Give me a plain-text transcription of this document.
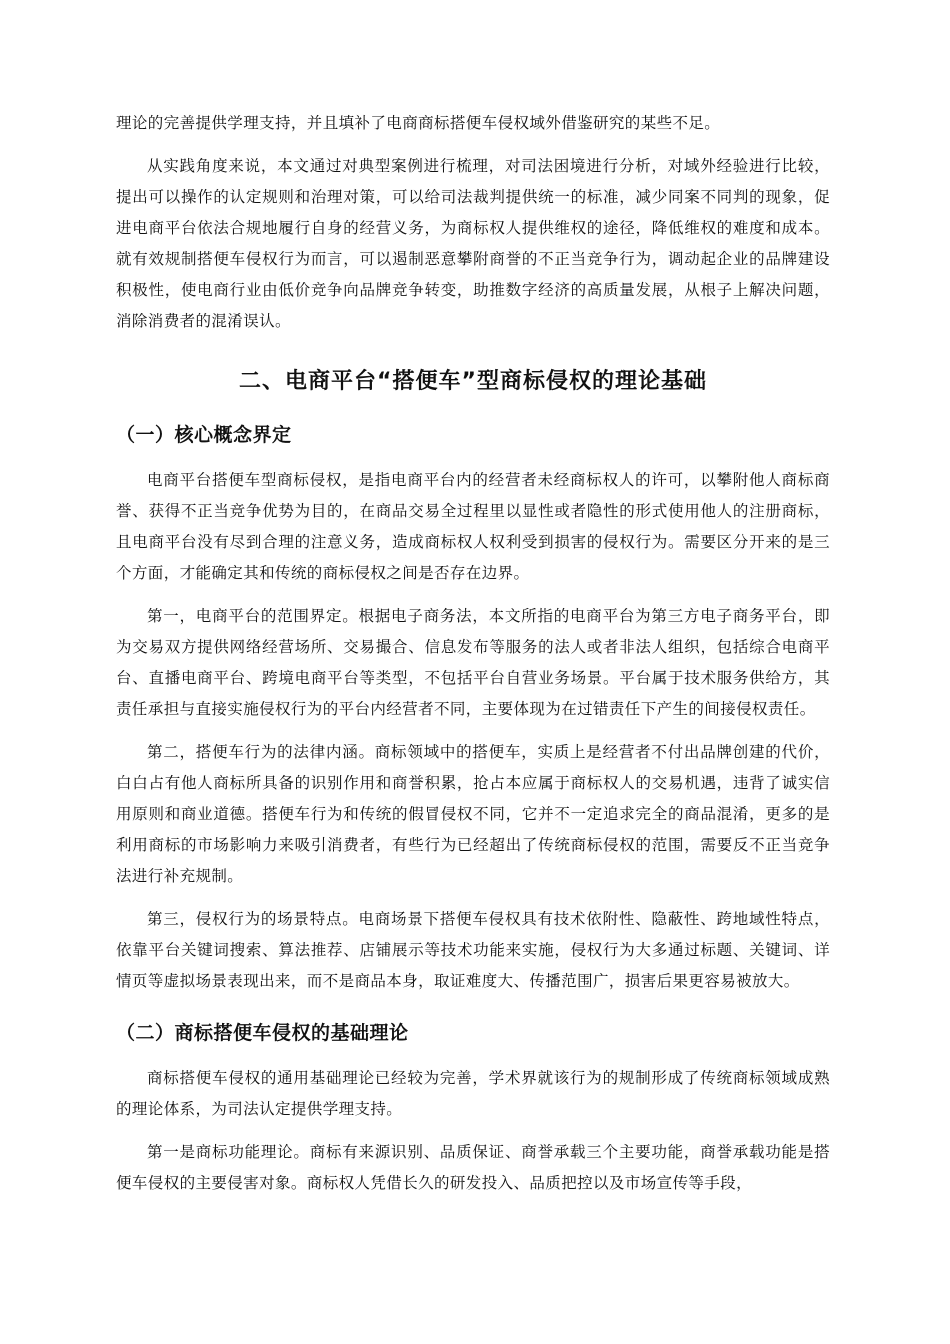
理论的完善提供学理支持，并且填补了电商商标搭便车侵权域外借鉴研究的某些不足。

从实践角度来说，本文通过对典型案例进行梳理，对司法困境进行分析，对域外经验进行比较，提出可以操作的认定规则和治理对策，可以给司法裁判提供统一的标准，减少同案不同判的现象，促进电商平台依法合规地履行自身的经营义务，为商标权人提供维权的途径，降低维权的难度和成本。就有效规制搭便车侵权行为而言，可以遏制恶意攀附商誉的不正当竞争行为，调动起企业的品牌建设积极性，使电商行业由低价竞争向品牌竞争转变，助推数字经济的高质量发展，从根子上解决问题，消除消费者的混淆误认。

二、电商平台“搭便车”型商标侵权的理论基础
（一）核心概念界定

电商平台搭便车型商标侵权，是指电商平台内的经营者未经商标权人的许可，以攀附他人商标商誉、获得不正当竞争优势为目的，在商品交易全过程里以显性或者隐性的形式使用他人的注册商标，且电商平台没有尽到合理的注意义务，造成商标权人权利受到损害的侵权行为。需要区分开来的是三个方面，才能确定其和传统的商标侵权之间是否存在边界。

第一，电商平台的范围界定。根据电子商务法，本文所指的电商平台为第三方电子商务平台，即为交易双方提供网络经营场所、交易撮合、信息发布等服务的法人或者非法人组织，包括综合电商平台、直播电商平台、跨境电商平台等类型，不包括平台自营业务场景。平台属于技术服务供给方，其责任承担与直接实施侵权行为的平台内经营者不同，主要体现为在过错责任下产生的间接侵权责任。

第二，搭便车行为的法律内涵。商标领域中的搭便车，实质上是经营者不付出品牌创建的代价，白白占有他人商标所具备的识别作用和商誉积累，抢占本应属于商标权人的交易机遇，违背了诚实信用原则和商业道德。搭便车行为和传统的假冒侵权不同，它并不一定追求完全的商品混淆，更多的是利用商标的市场影响力来吸引消费者，有些行为已经超出了传统商标侵权的范围，需要反不正当竞争法进行补充规制。

第三，侵权行为的场景特点。电商场景下搭便车侵权具有技术依附性、隐蔽性、跨地域性特点，依靠平台关键词搜索、算法推荐、店铺展示等技术功能来实施，侵权行为大多通过标题、关键词、详情页等虚拟场景表现出来，而不是商品本身，取证难度大、传播范围广，损害后果更容易被放大。

（二）商标搭便车侵权的基础理论

商标搭便车侵权的通用基础理论已经较为完善，学术界就该行为的规制形成了传统商标领域成熟的理论体系，为司法认定提供学理支持。

第一是商标功能理论。商标有来源识别、品质保证、商誉承载三个主要功能，商誉承载功能是搭便车侵权的主要侵害对象。商标权人凭借长久的研发投入、品质把控以及市场宣传等手段，
